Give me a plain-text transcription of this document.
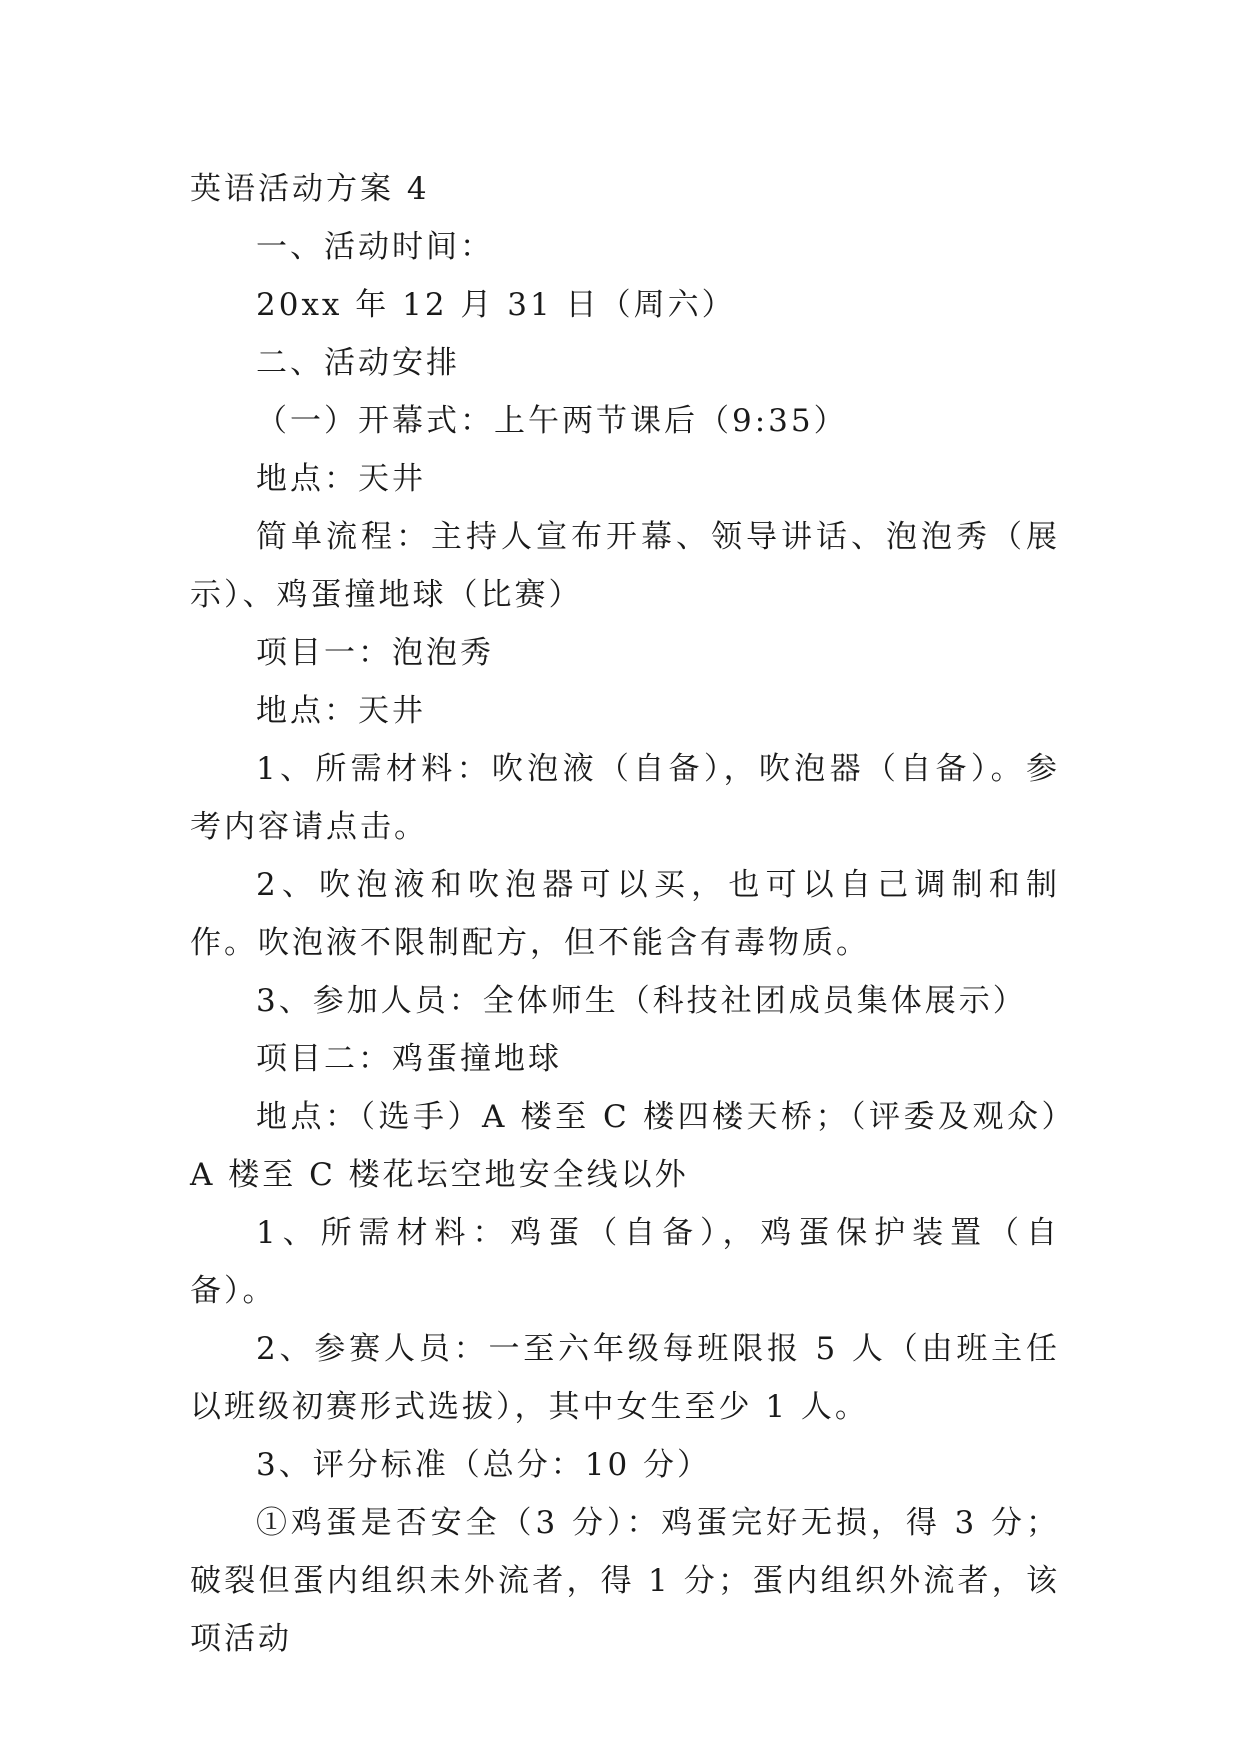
英语活动方案 4

一、活动时间：

20xx 年 12 月 31 日（周六）

二、活动安排

（一）开幕式：上午两节课后（9:35）

地点：天井

简单流程：主持人宣布开幕、领导讲话、泡泡秀（展示）、鸡蛋撞地球（比赛）

项目一：泡泡秀

地点：天井

1、所需材料：吹泡液（自备），吹泡器（自备）。参考内容请点击。

2、吹泡液和吹泡器可以买，也可以自己调制和制作。吹泡液不限制配方，但不能含有毒物质。

3、参加人员：全体师生（科技社团成员集体展示）

项目二：鸡蛋撞地球

地点：（选手）A 楼至 C 楼四楼天桥；（评委及观众）A 楼至 C 楼花坛空地安全线以外

1、所需材料：鸡蛋（自备），鸡蛋保护装置（自备）。

2、参赛人员：一至六年级每班限报 5 人（由班主任以班级初赛形式选拔），其中女生至少 1 人。

3、评分标准（总分：10 分）

①鸡蛋是否安全（3 分）：鸡蛋完好无损，得 3 分；破裂但蛋内组织未外流者，得 1 分；蛋内组织外流者，该项活动
